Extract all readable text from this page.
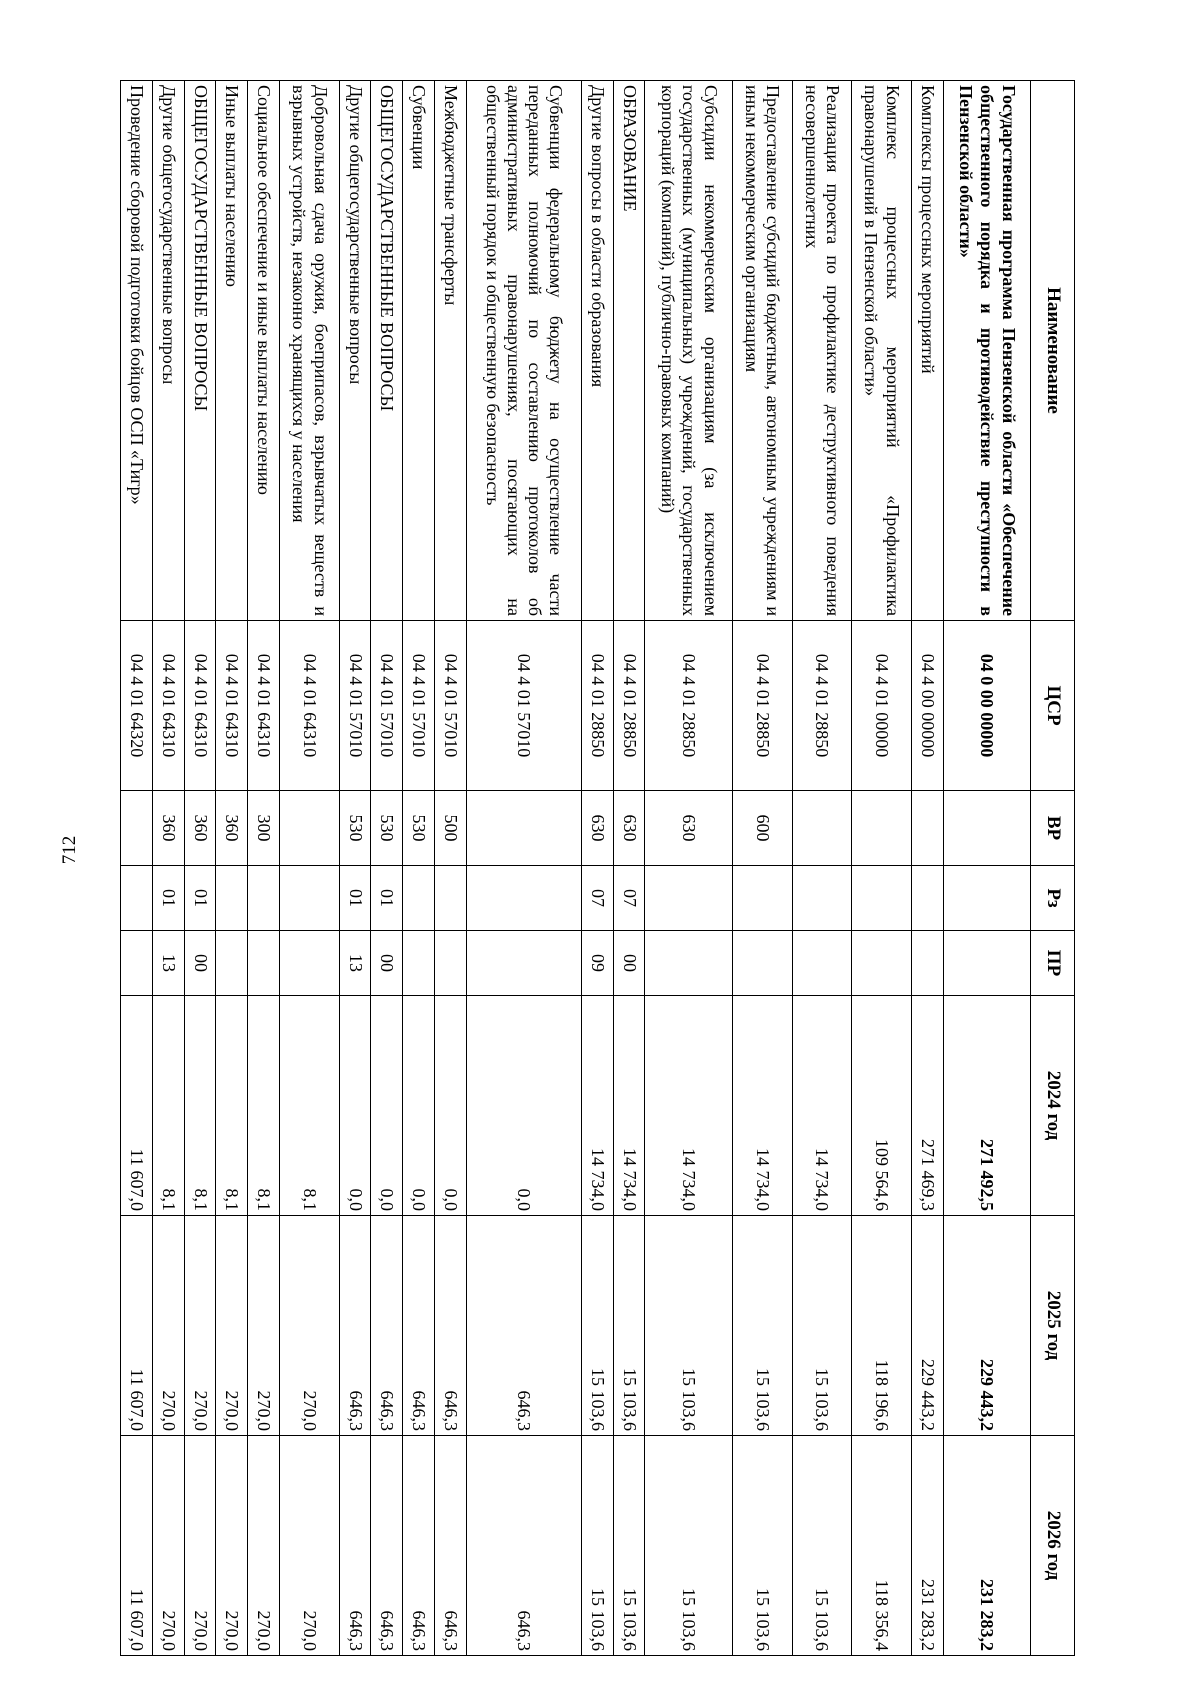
712
Наименование	ЦСР	ВР	Рз	ПР	2024 год	2025 год	2026 год
Государственная программа Пензенской области «Обеспечение общественного порядка и противодействие преступности в Пензенской области»	04 0 00 00000				271 492,5	229 443,2	231 283,2
Комплексы процессных мероприятий	04 4 00 00000				271 469,3	229 443,2	231 283,2
Комплекс процессных мероприятий «Профилактика правонарушений в Пензенской области»	04 4 01 00000				109 564,6	118 196,6	118 356,4
Реализация проекта по профилактике деструктивного поведения несовершеннолетних	04 4 01 28850				14 734,0	15 103,6	15 103,6
Предоставление субсидий бюджетным, автономным учреждениям и иным некоммерческим организациям	04 4 01 28850	600			14 734,0	15 103,6	15 103,6
Субсидии некоммерческим организациям (за исключением государственных (муниципальных) учреждений, государственных корпораций (компаний), публично-правовых компаний)	04 4 01 28850	630			14 734,0	15 103,6	15 103,6
ОБРАЗОВАНИЕ	04 4 01 28850	630	07	00	14 734,0	15 103,6	15 103,6
Другие вопросы в области образования	04 4 01 28850	630	07	09	14 734,0	15 103,6	15 103,6
Субвенции федеральному бюджету на осуществление части переданных полномочий по составлению протоколов об административных правонарушениях, посягающих на общественный порядок и общественную безопасность	04 4 01 57010				0,0	646,3	646,3
Межбюджетные трансферты	04 4 01 57010	500			0,0	646,3	646,3
Субвенции	04 4 01 57010	530			0,0	646,3	646,3
ОБЩЕГОСУДАРСТВЕННЫЕ ВОПРОСЫ	04 4 01 57010	530	01	00	0,0	646,3	646,3
Другие общегосударственные вопросы	04 4 01 57010	530	01	13	0,0	646,3	646,3
Добровольная сдача оружия, боеприпасов, взрывчатых веществ и взрывных устройств, незаконно хранящихся у населения	04 4 01 64310				8,1	270,0	270,0
Социальное обеспечение и иные выплаты населению	04 4 01 64310	300			8,1	270,0	270,0
Иные выплаты населению	04 4 01 64310	360			8,1	270,0	270,0
ОБЩЕГОСУДАРСТВЕННЫЕ ВОПРОСЫ	04 4 01 64310	360	01	00	8,1	270,0	270,0
Другие общегосударственные вопросы	04 4 01 64310	360	01	13	8,1	270,0	270,0
Проведение сборовой подготовки бойцов ОСП «Тигр»	04 4 01 64320				11 607,0	11 607,0	11 607,0
